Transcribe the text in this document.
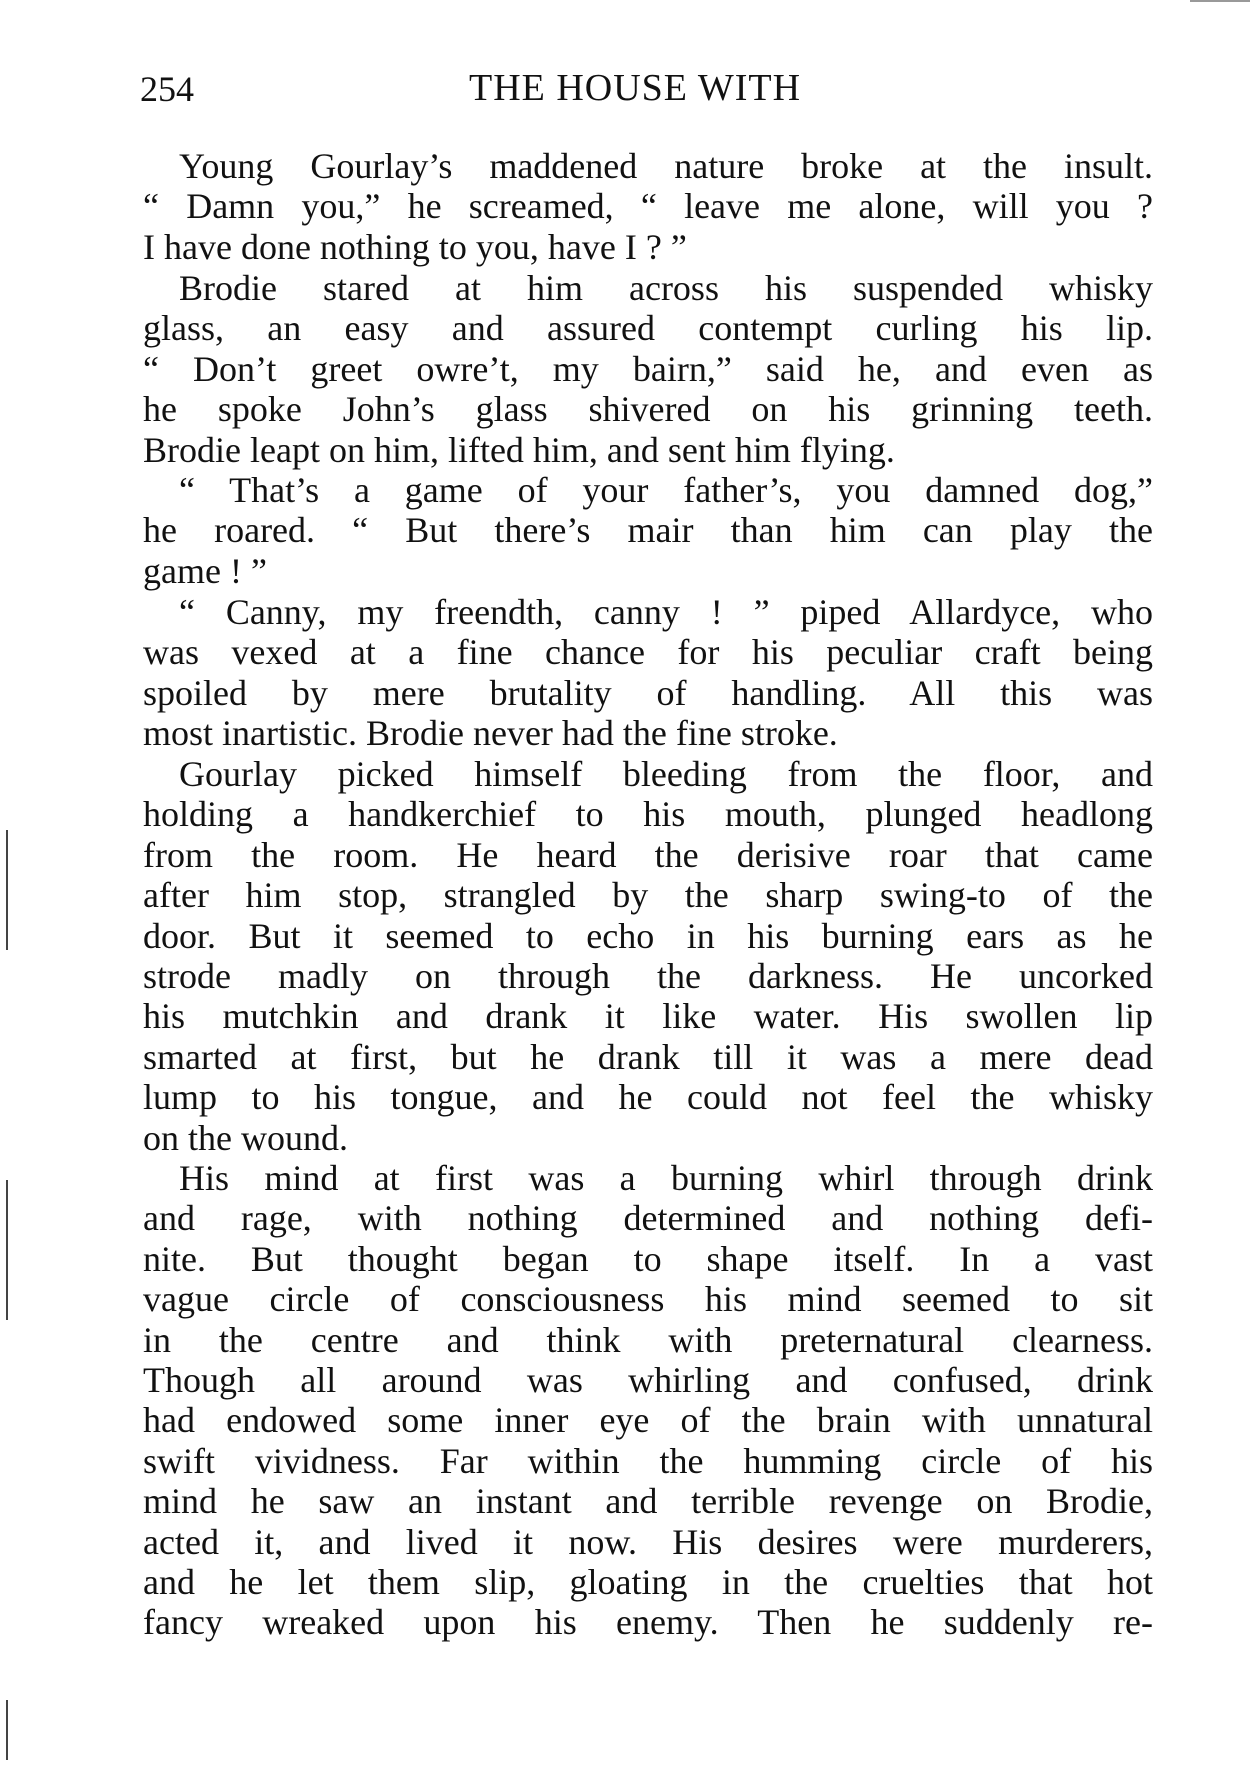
254	THE HOUSE WITH
Young Gourlay’s maddened nature broke at the insult.
“ Damn you,” he screamed, “ leave me alone, will you ?
I have done nothing to you, have I ? ”
Brodie stared at him across his suspended whisky
glass, an easy and assured contempt curling his lip.
“ Don’t greet owre’t, my bairn,” said he, and even as
he spoke John’s glass shivered on his grinning teeth.
Brodie leapt on him, lifted him, and sent him flying.
“ That’s a game of your father’s, you damned dog,”
he roared. “ But there’s mair than him can play the
game ! ”
“ Canny, my freendth, canny ! ” piped Allardyce, who
was vexed at a fine chance for his peculiar craft being
spoiled by mere brutality of handling. All this was
most inartistic. Brodie never had the fine stroke.
Gourlay picked himself bleeding from the floor, and
holding a handkerchief to his mouth, plunged headlong
from the room. He heard the derisive roar that came
after him stop, strangled by the sharp swing-to of the
door. But it seemed to echo in his burning ears as he
strode madly on through the darkness. He uncorked
his mutchkin and drank it like water. His swollen lip
smarted at first, but he drank till it was a mere dead
lump to his tongue, and he could not feel the whisky
on the wound.
His mind at first was a burning whirl through drink
and rage, with nothing determined and nothing defi-
nite. But thought began to shape itself. In a vast
vague circle of consciousness his mind seemed to sit
in the centre and think with preternatural clearness.
Though all around was whirling and confused, drink
had endowed some inner eye of the brain with unnatural
swift vividness. Far within the humming circle of his
mind he saw an instant and terrible revenge on Brodie,
acted it, and lived it now. His desires were murderers,
and he let them slip, gloating in the cruelties that hot
fancy wreaked upon his enemy. Then he suddenly re-
